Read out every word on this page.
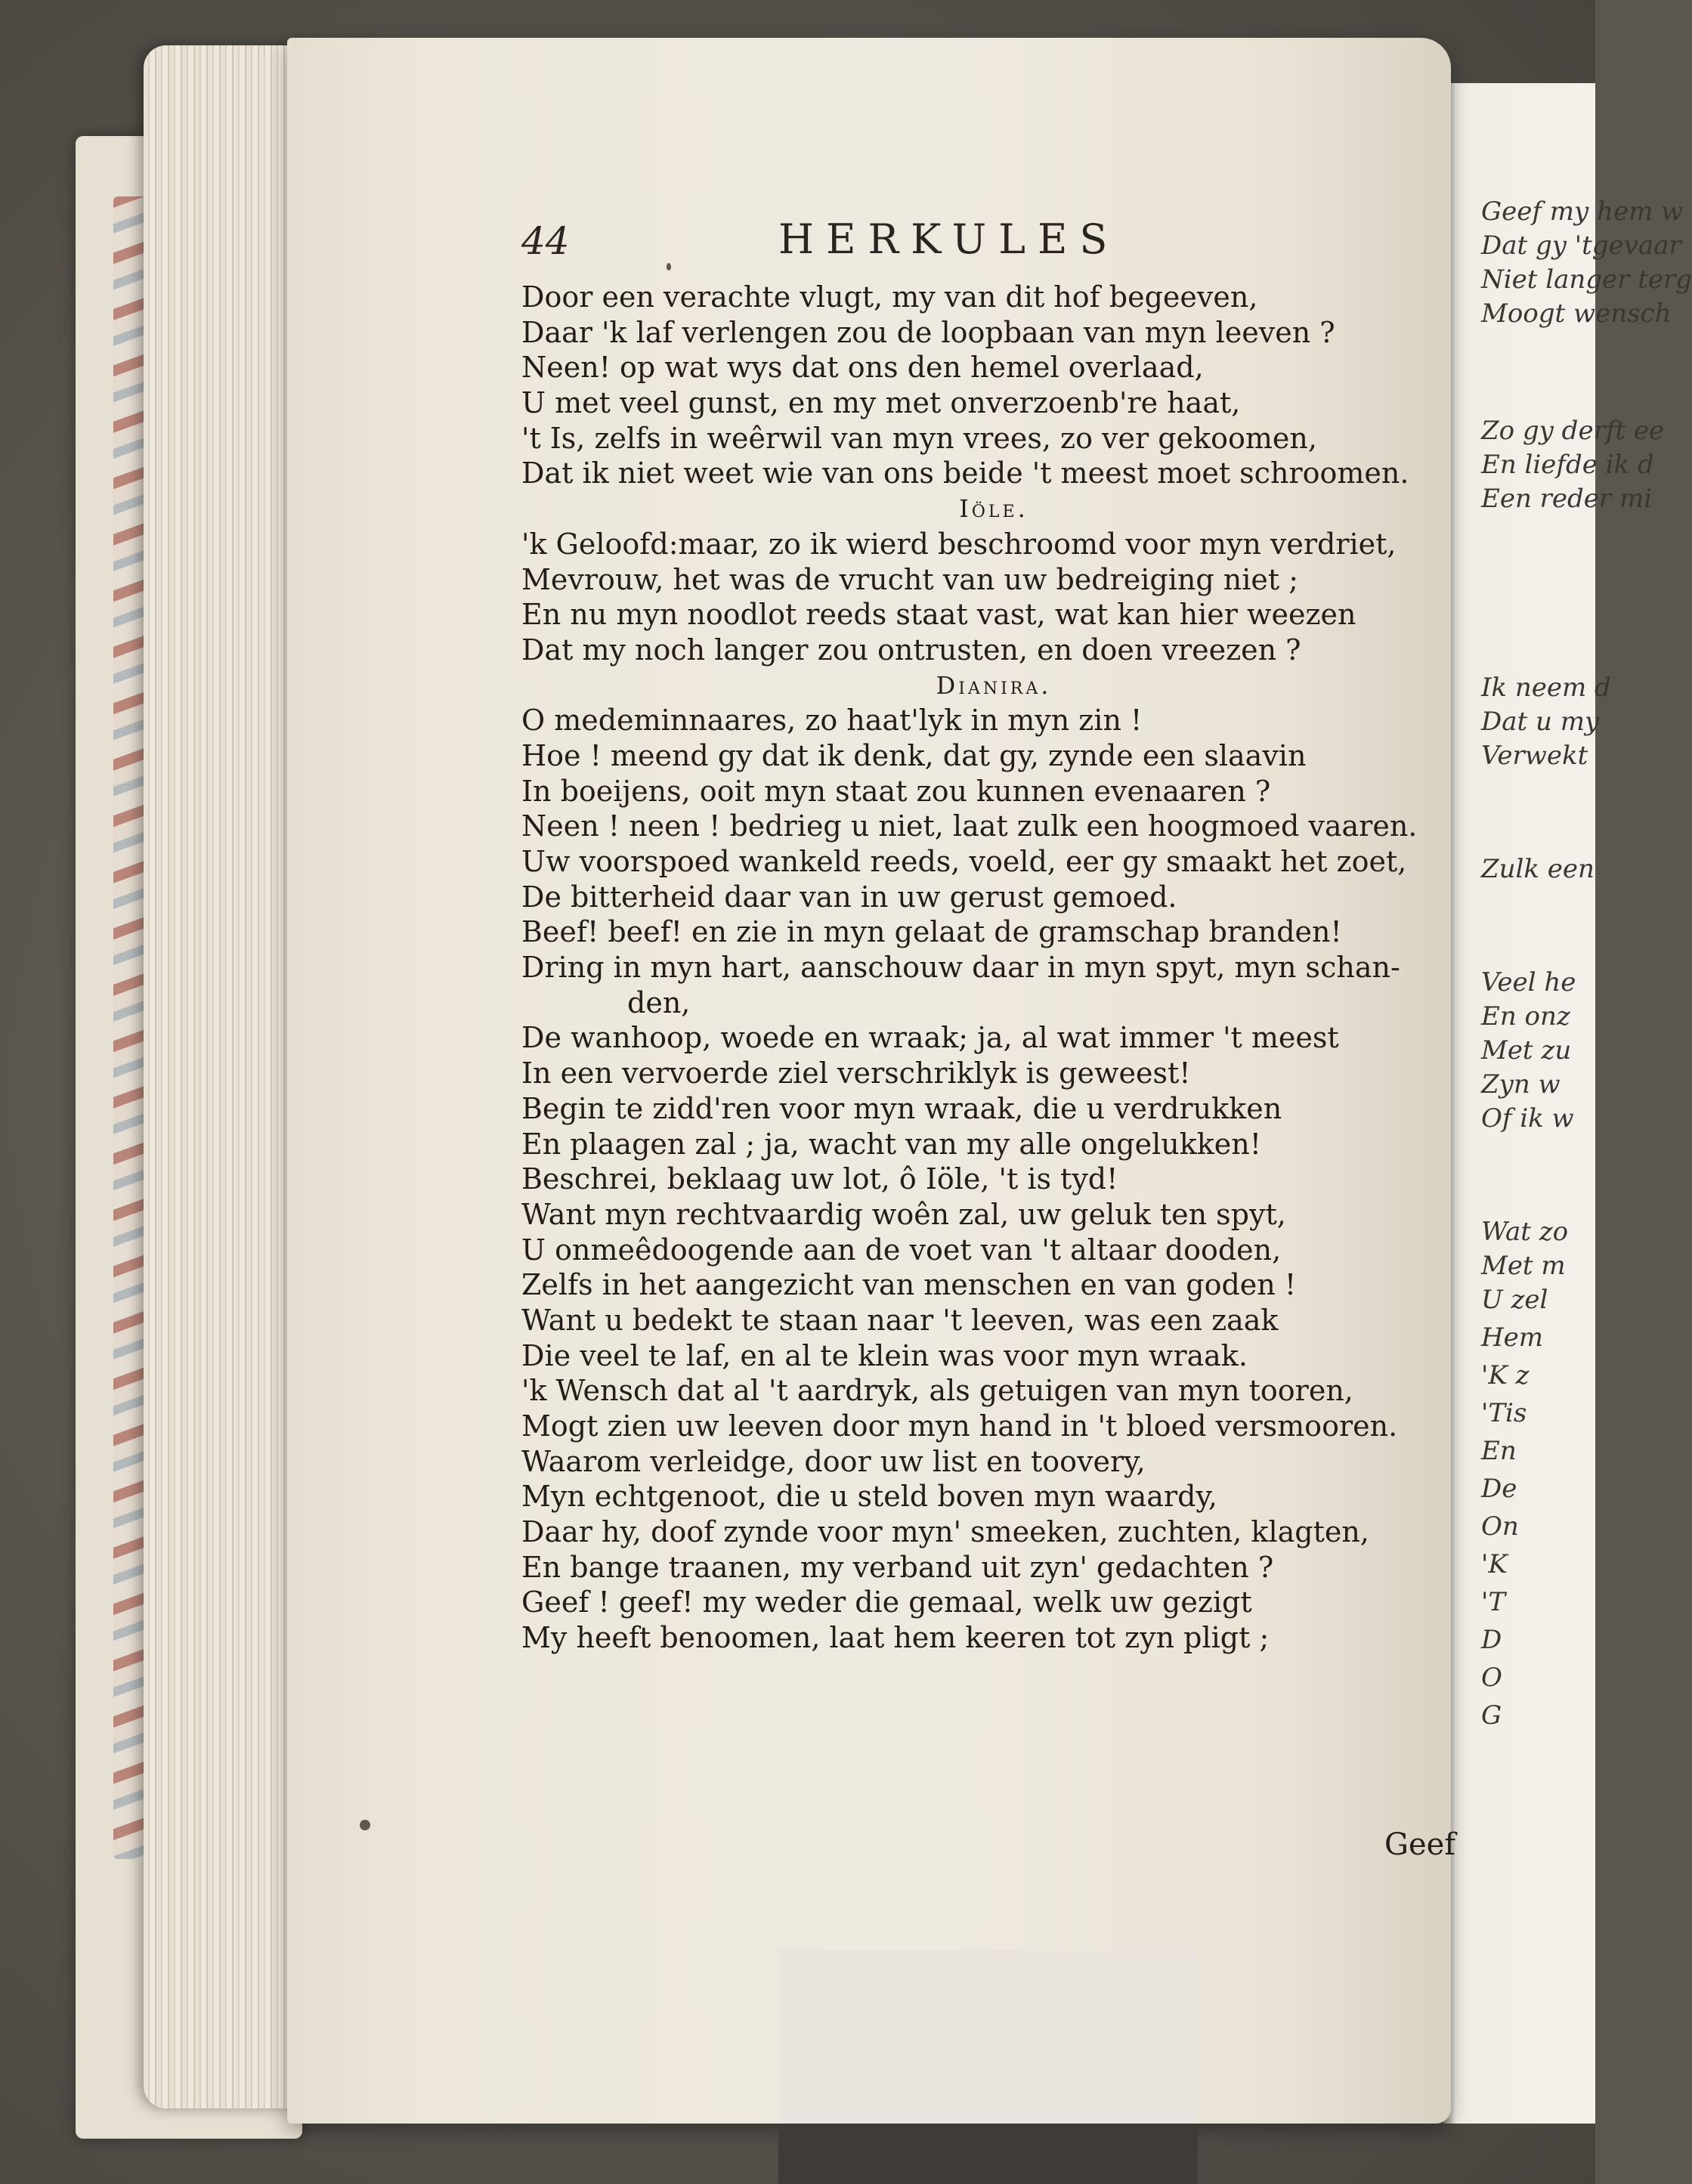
Geef my hem w
Dat gy 'tgevaar
Niet langer terg
Moogt wensch
Zo gy derft ee
En liefde ik d
Een reder mi
Ik neem d
Dat u my
Verwekt
Zulk een
Veel he
En onz
Met zu
Zyn w
Of ik w
Wat zo
Met m
U zel
Hem
'K z
'Tis
En
De
On
'K
'T
D
O
G
44	HERKULES
Door een verachte vlugt, my van dit hof begeeven,
Daar 'k laf verlengen zou de loopbaan van myn leeven ?
Neen! op wat wys dat ons den hemel overlaad,
U met veel gunst, en my met onverzoenb're haat,
't Is, zelfs in weêrwil van myn vrees, zo ver gekoomen,
Dat ik niet weet wie van ons beide 't meest moet schroomen.
Iöle.
'k Geloofd:maar, zo ik wierd beschroomd voor myn verdriet,
Mevrouw, het was de vrucht van uw bedreiging niet ;
En nu myn noodlot reeds staat vast, wat kan hier weezen
Dat my noch langer zou ontrusten, en doen vreezen ?
Dianira.
O medeminnaares, zo haat'lyk in myn zin !
Hoe ! meend gy dat ik denk, dat gy, zynde een slaavin
In boeijens, ooit myn staat zou kunnen evenaaren ?
Neen ! neen ! bedrieg u niet, laat zulk een hoogmoed vaaren.
Uw voorspoed wankeld reeds, voeld, eer gy smaakt het zoet,
De bitterheid daar van in uw gerust gemoed.
Beef! beef! en zie in myn gelaat de gramschap branden!
Dring in myn hart, aanschouw daar in myn spyt, myn schan-
den,
De wanhoop, woede en wraak; ja, al wat immer 't meest
In een vervoerde ziel verschriklyk is geweest!
Begin te zidd'ren voor myn wraak, die u verdrukken
En plaagen zal ; ja, wacht van my alle ongelukken!
Beschrei, beklaag uw lot, ô Iöle, 't is tyd!
Want myn rechtvaardig woên zal, uw geluk ten spyt,
U onmeêdoogende aan de voet van 't altaar dooden,
Zelfs in het aangezicht van menschen en van goden !
Want u bedekt te staan naar 't leeven, was een zaak
Die veel te laf, en al te klein was voor myn wraak.
'k Wensch dat al 't aardryk, als getuigen van myn tooren,
Mogt zien uw leeven door myn hand in 't bloed versmooren.
Waarom verleidge, door uw list en toovery,
Myn echtgenoot, die u steld boven myn waardy,
Daar hy, doof zynde voor myn' smeeken, zuchten, klagten,
En bange traanen, my verband uit zyn' gedachten ?
Geef ! geef! my weder die gemaal, welk uw gezigt
My heeft benoomen, laat hem keeren tot zyn pligt ;
Geef
